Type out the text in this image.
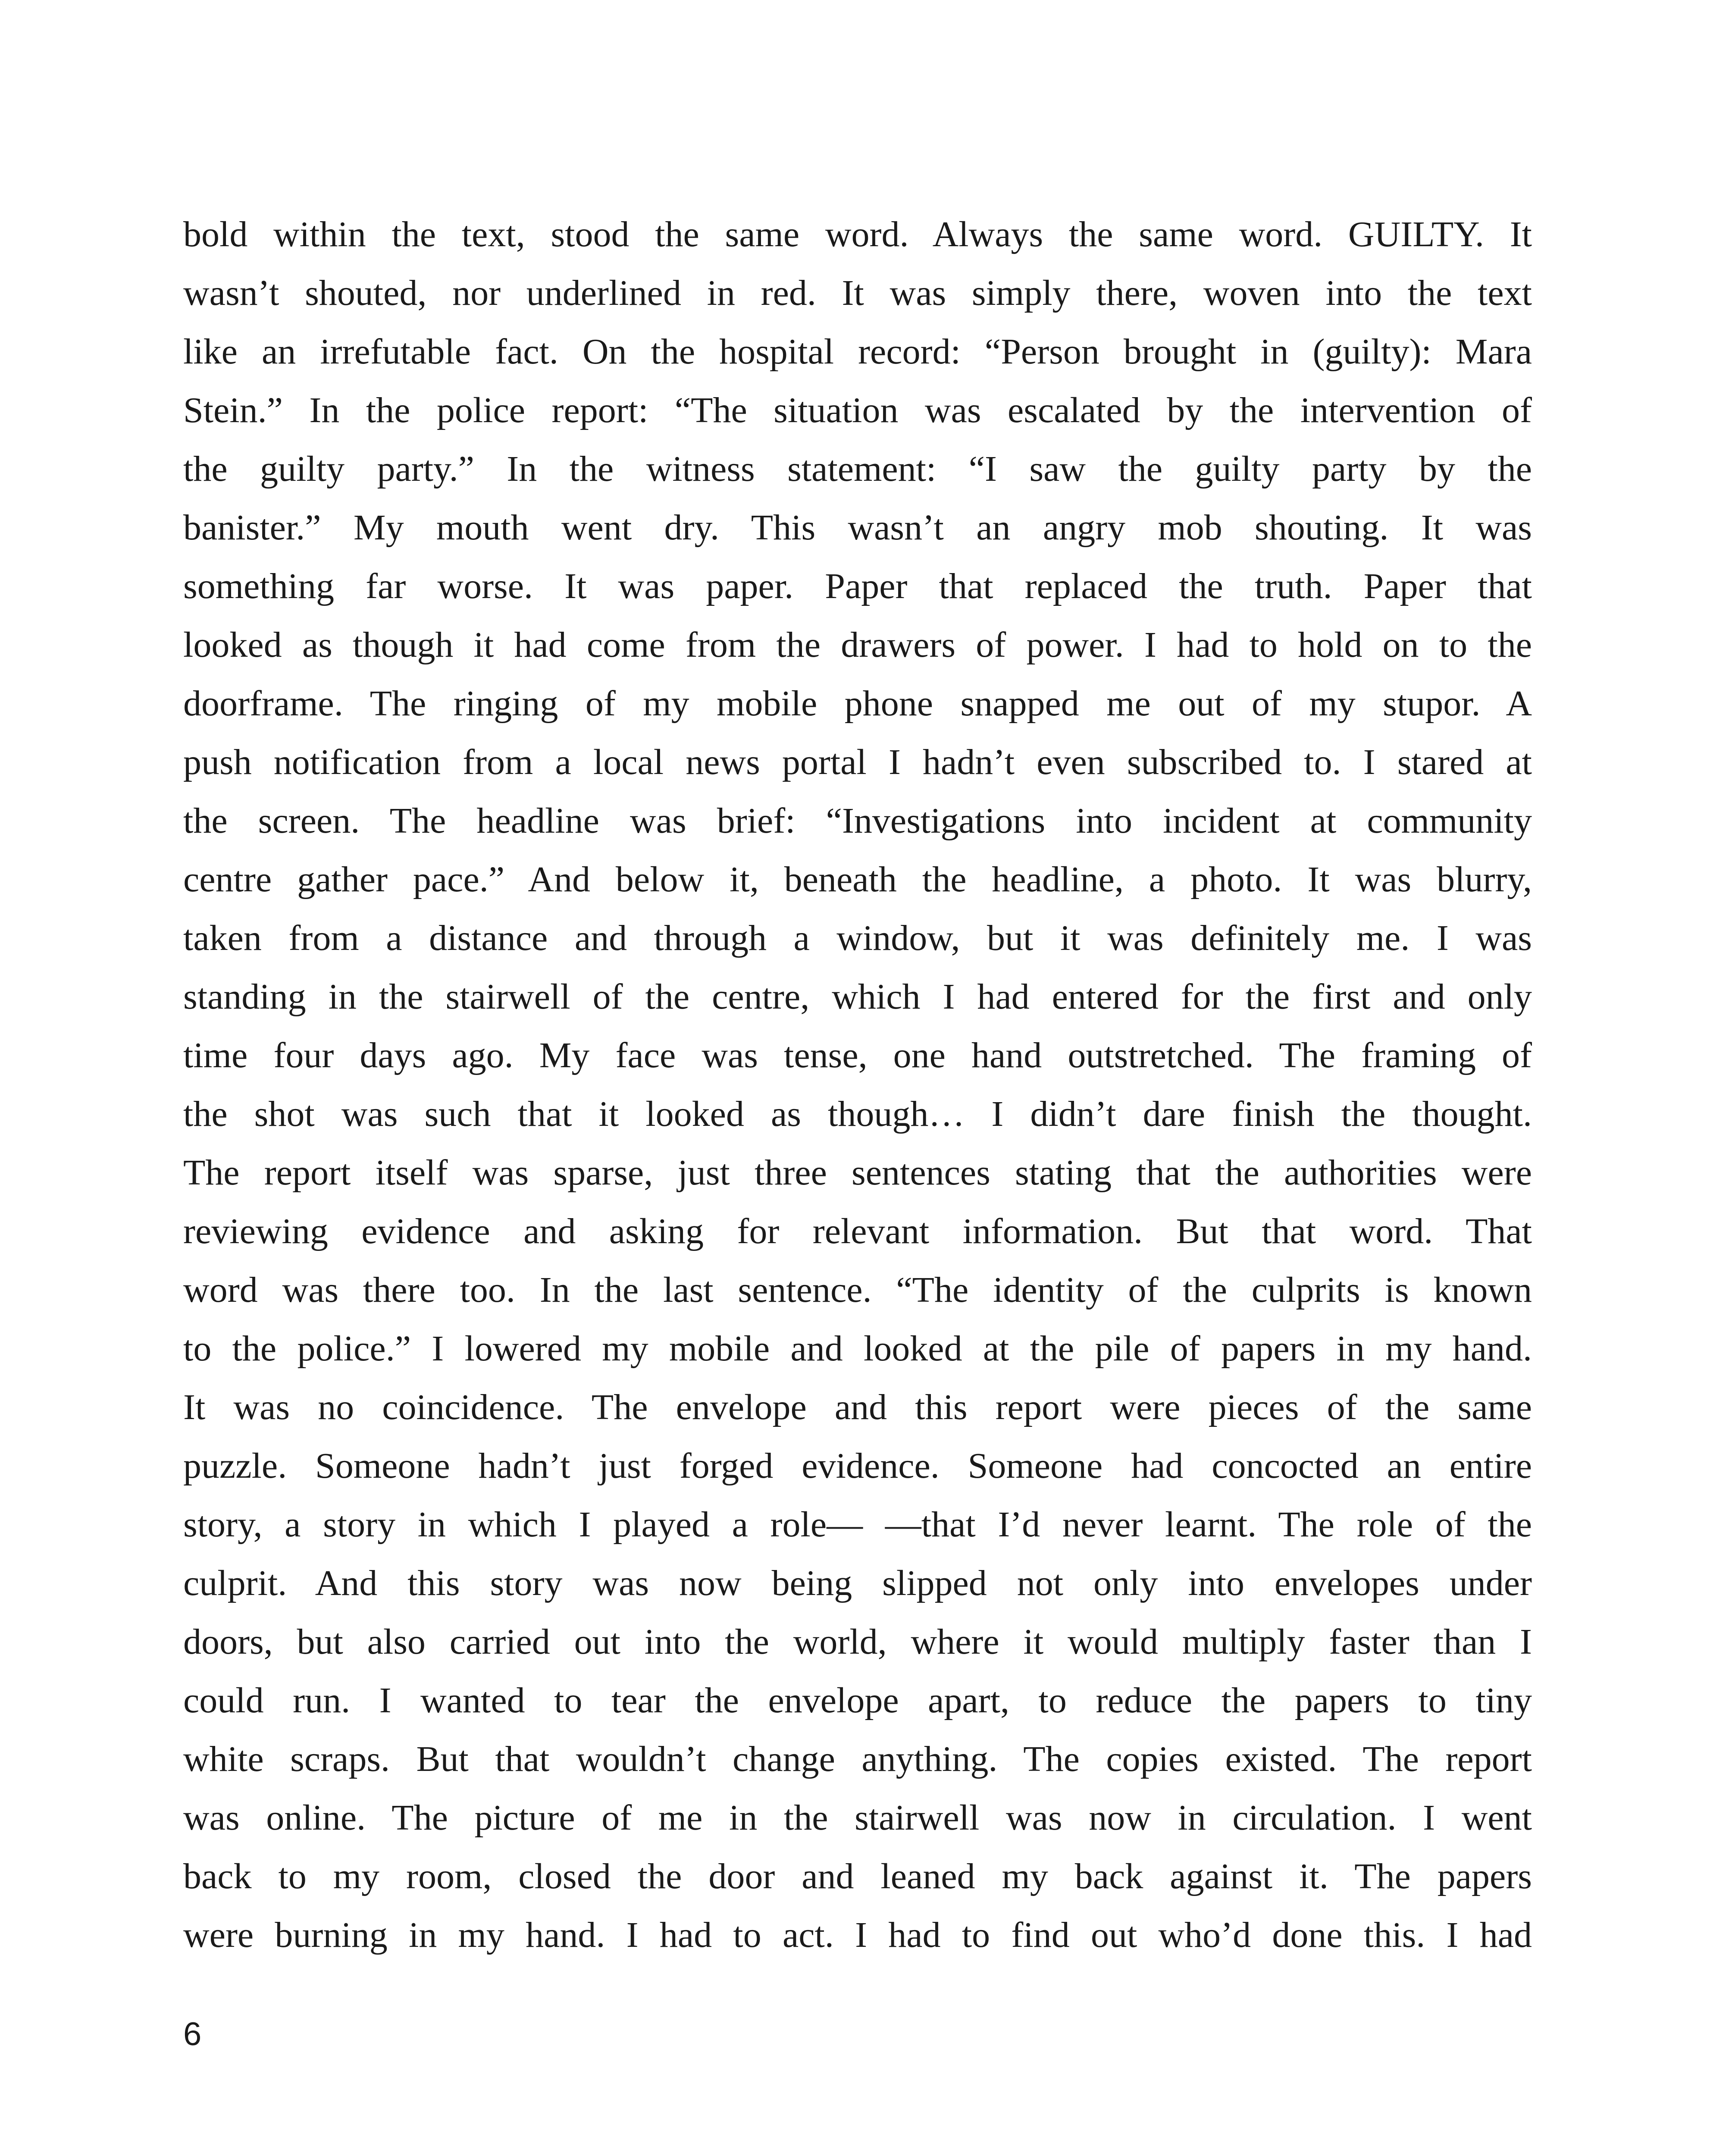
bold within the text, stood the same word. Always the same word. GUILTY. It
wasn’t shouted, nor underlined in red. It was simply there, woven into the text
like an irrefutable fact. On the hospital record: “Person brought in (guilty): Mara
Stein.” In the police report: “The situation was escalated by the intervention of
the guilty party.” In the witness statement: “I saw the guilty party by the
banister.” My mouth went dry. This wasn’t an angry mob shouting. It was
something far worse. It was paper. Paper that replaced the truth. Paper that
looked as though it had come from the drawers of power. I had to hold on to the
doorframe. The ringing of my mobile phone snapped me out of my stupor. A
push notification from a local news portal I hadn’t even subscribed to. I stared at
the screen. The headline was brief: “Investigations into incident at community
centre gather pace.” And below it, beneath the headline, a photo. It was blurry,
taken from a distance and through a window, but it was definitely me. I was
standing in the stairwell of the centre, which I had entered for the first and only
time four days ago. My face was tense, one hand outstretched. The framing of
the shot was such that it looked as though… I didn’t dare finish the thought.
The report itself was sparse, just three sentences stating that the authorities were
reviewing evidence and asking for relevant information. But that word. That
word was there too. In the last sentence. “The identity of the culprits is known
to the police.” I lowered my mobile and looked at the pile of papers in my hand.
It was no coincidence. The envelope and this report were pieces of the same
puzzle. Someone hadn’t just forged evidence. Someone had concocted an entire
story, a story in which I played a role— —that I’d never learnt. The role of the
culprit. And this story was now being slipped not only into envelopes under
doors, but also carried out into the world, where it would multiply faster than I
could run. I wanted to tear the envelope apart, to reduce the papers to tiny
white scraps. But that wouldn’t change anything. The copies existed. The report
was online. The picture of me in the stairwell was now in circulation. I went
back to my room, closed the door and leaned my back against it. The papers
were burning in my hand. I had to act. I had to find out who’d done this. I had
6
